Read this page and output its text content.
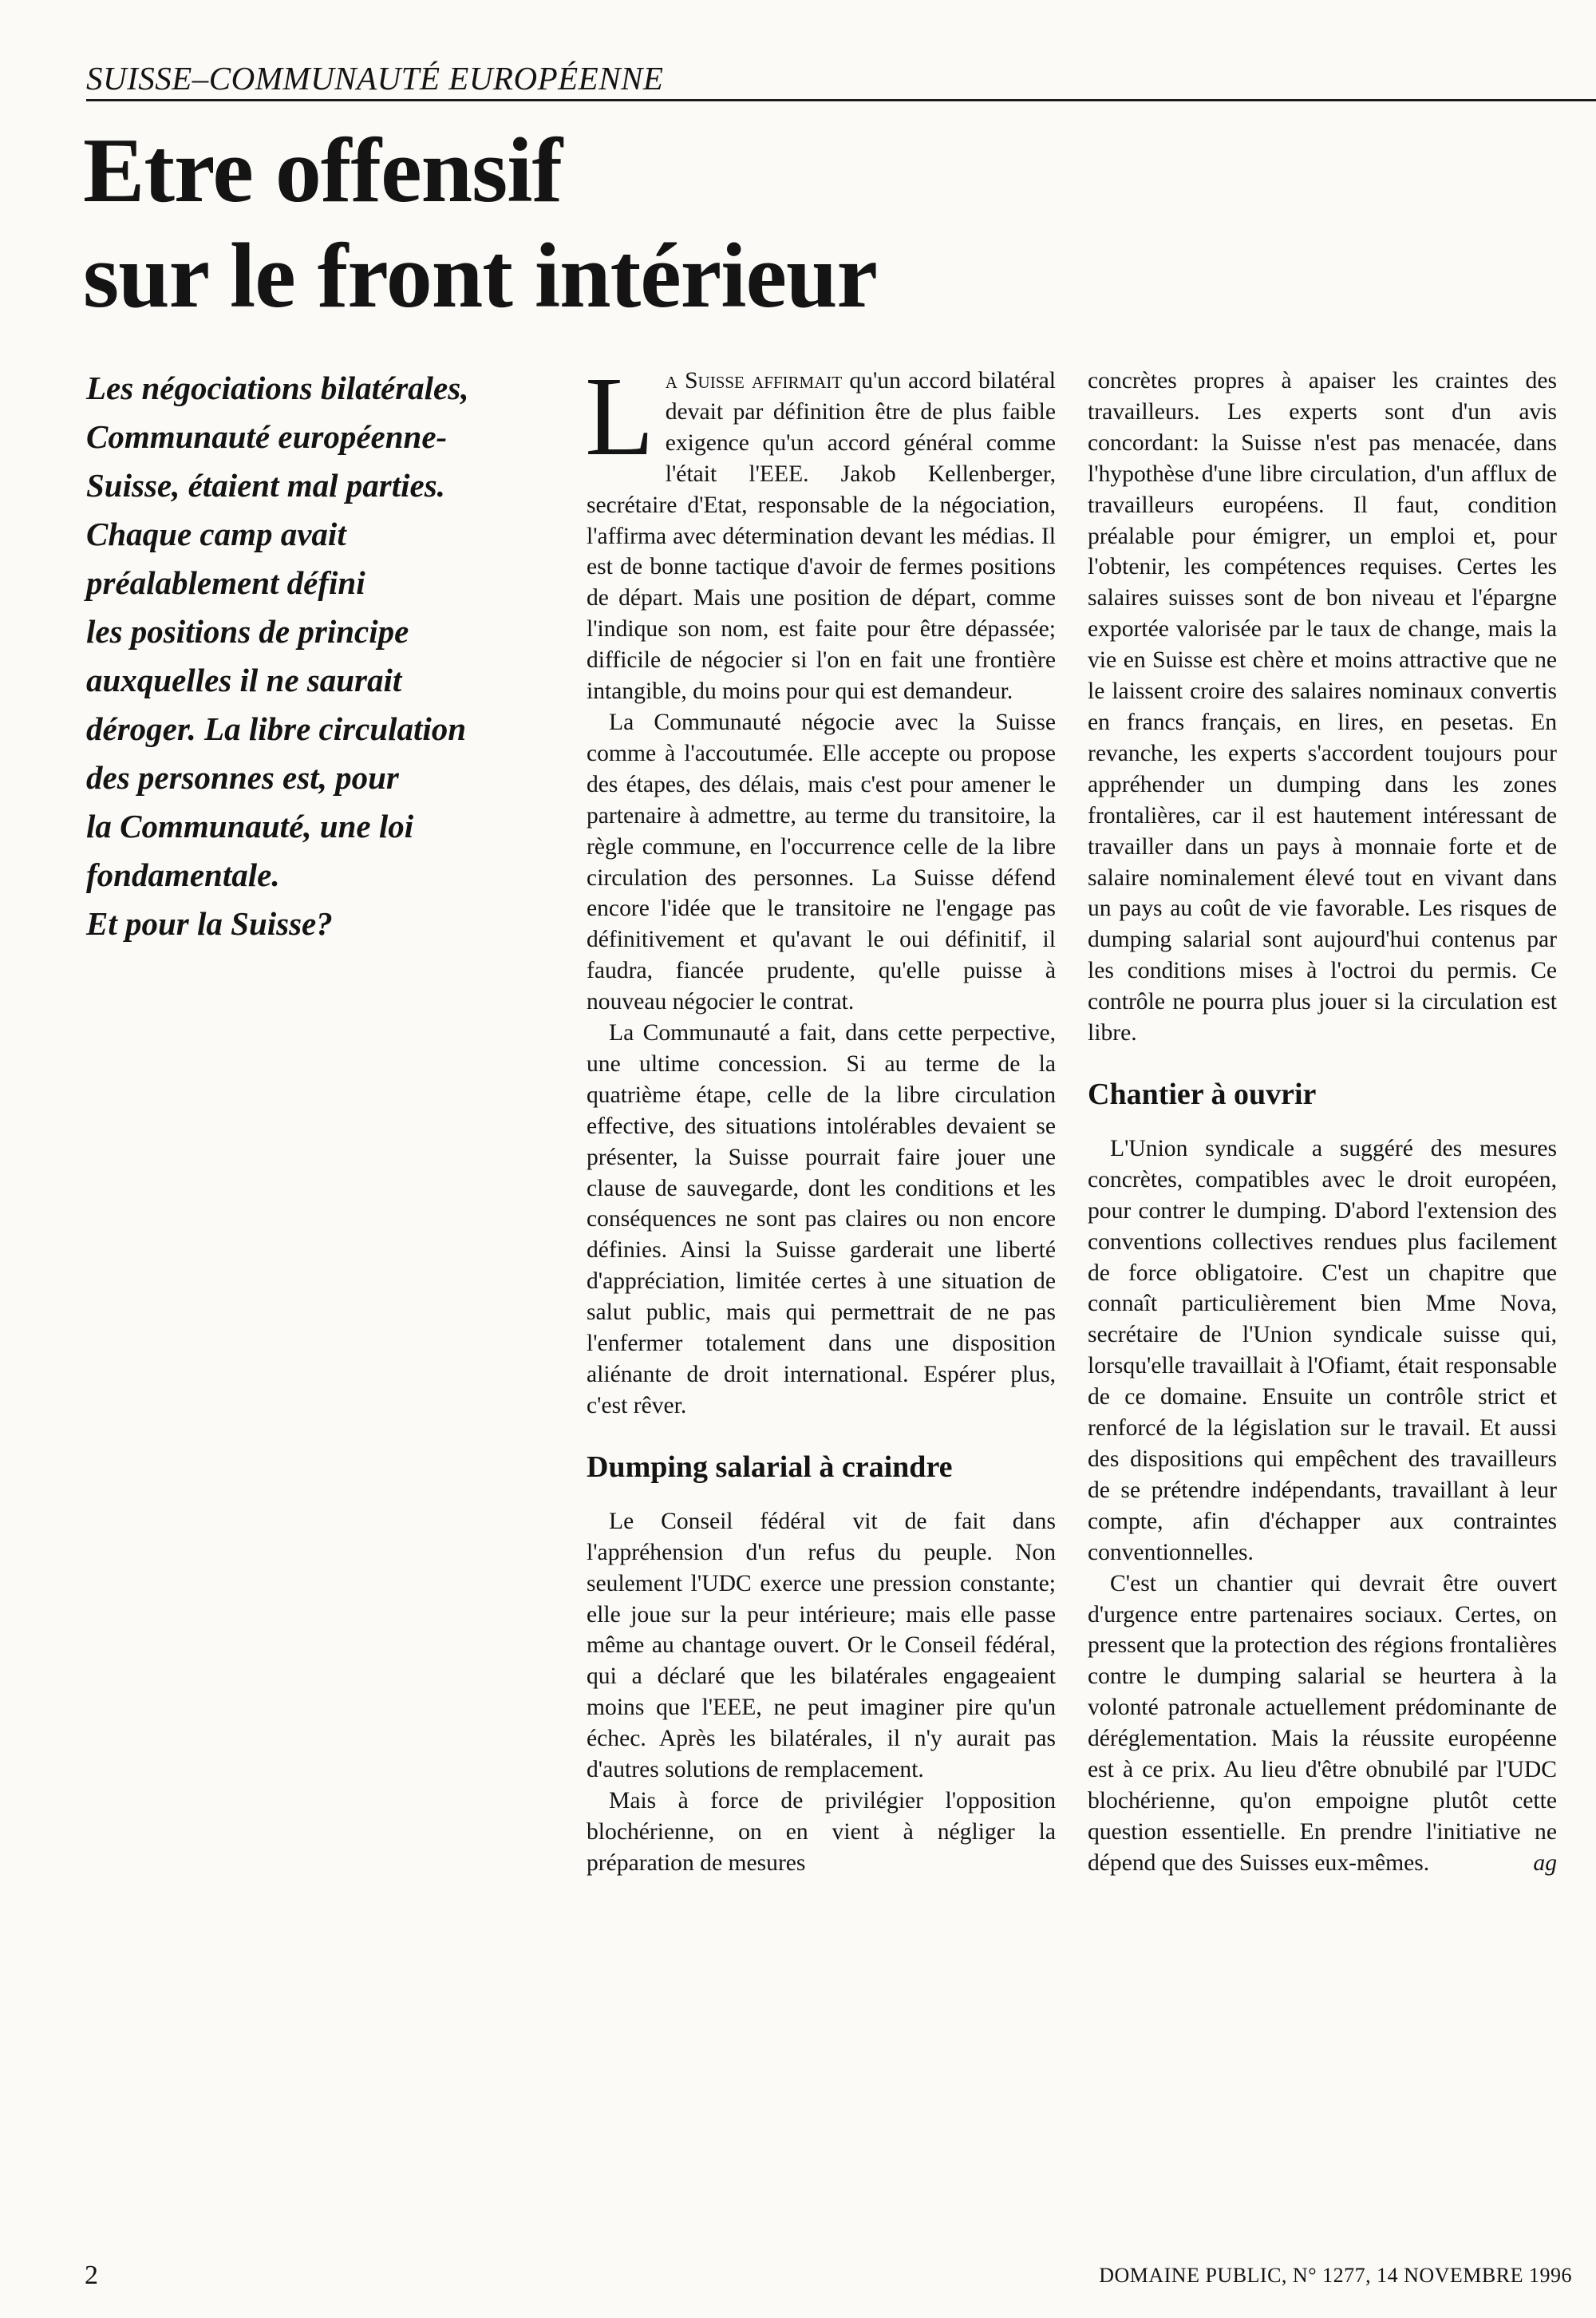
SUISSE–COMMUNAUTÉ EUROPÉENNE
Etre offensif
sur le front intérieur
Les négociations bilatérales,
Communauté européenne-
Suisse, étaient mal parties.
Chaque camp avait
préalablement défini
les positions de principe
auxquelles il ne saurait
déroger. La libre circulation
des personnes est, pour
la Communauté, une loi
fondamentale.
Et pour la Suisse?

La Suisse affirmait qu'un accord bilatéral devait par définition être de plus faible exigence qu'un accord général comme l'était l'EEE. Jakob Kellenberger, secrétaire d'Etat, responsable de la négociation, l'affirma avec détermination devant les médias. Il est de bonne tactique d'avoir de fermes positions de départ. Mais une position de départ, comme l'indique son nom, est faite pour être dépassée; difficile de négocier si l'on en fait une frontière intangible, du moins pour qui est demandeur.

La Communauté négocie avec la Suisse comme à l'accoutumée. Elle accepte ou propose des étapes, des délais, mais c'est pour amener le partenaire à admettre, au terme du transitoire, la règle commune, en l'occurrence celle de la libre circulation des personnes. La Suisse défend encore l'idée que le transitoire ne l'engage pas définitivement et qu'avant le oui définitif, il faudra, fiancée prudente, qu'elle puisse à nouveau négocier le contrat.

La Communauté a fait, dans cette perpective, une ultime concession. Si au terme de la quatrième étape, celle de la libre circulation effective, des situations intolérables devaient se présenter, la Suisse pourrait faire jouer une clause de sauvegarde, dont les conditions et les conséquences ne sont pas claires ou non encore définies. Ainsi la Suisse garderait une liberté d'appréciation, limitée certes à une situation de salut public, mais qui permettrait de ne pas l'enfermer totalement dans une disposition aliénante de droit international. Espérer plus, c'est rêver.

Dumping salarial à craindre

Le Conseil fédéral vit de fait dans l'appréhension d'un refus du peuple. Non seulement l'UDC exerce une pression constante; elle joue sur la peur intérieure; mais elle passe même au chantage ouvert. Or le Conseil fédéral, qui a déclaré que les bilatérales engageaient moins que l'EEE, ne peut imaginer pire qu'un échec. Après les bilatérales, il n'y aurait pas d'autres solutions de remplacement.

Mais à force de privilégier l'opposition blochérienne, on en vient à négliger la préparation de mesures

concrètes propres à apaiser les craintes des travailleurs. Les experts sont d'un avis concordant: la Suisse n'est pas menacée, dans l'hypothèse d'une libre circulation, d'un afflux de travailleurs européens. Il faut, condition préalable pour émigrer, un emploi et, pour l'obtenir, les compétences requises. Certes les salaires suisses sont de bon niveau et l'épargne exportée valorisée par le taux de change, mais la vie en Suisse est chère et moins attractive que ne le laissent croire des salaires nominaux convertis en francs français, en lires, en pesetas. En revanche, les experts s'accordent toujours pour appréhender un dumping dans les zones frontalières, car il est hautement intéressant de travailler dans un pays à monnaie forte et de salaire nominalement élevé tout en vivant dans un pays au coût de vie favorable. Les risques de dumping salarial sont aujourd'hui contenus par les conditions mises à l'octroi du permis. Ce contrôle ne pourra plus jouer si la circulation est libre.

Chantier à ouvrir

L'Union syndicale a suggéré des mesures concrètes, compatibles avec le droit européen, pour contrer le dumping. D'abord l'extension des conventions collectives rendues plus facilement de force obligatoire. C'est un chapitre que connaît particulièrement bien Mme Nova, secrétaire de l'Union syndicale suisse qui, lorsqu'elle travaillait à l'Ofiamt, était responsable de ce domaine. Ensuite un contrôle strict et renforcé de la législation sur le travail. Et aussi des dispositions qui empêchent des travailleurs de se prétendre indépendants, travaillant à leur compte, afin d'échapper aux contraintes conventionnelles.

C'est un chantier qui devrait être ouvert d'urgence entre partenaires sociaux. Certes, on pressent que la protection des régions frontalières contre le dumping salarial se heurtera à la volonté patronale actuellement prédominante de déréglementation. Mais la réussite européenne est à ce prix. Au lieu d'être obnubilé par l'UDC blochérienne, qu'on empoigne plutôt cette question essentielle. En prendre l'initiative ne dépend que des Suisses eux-mêmes.	ag

2	DOMAINE PUBLIC, N° 1277, 14 NOVEMBRE 1996
